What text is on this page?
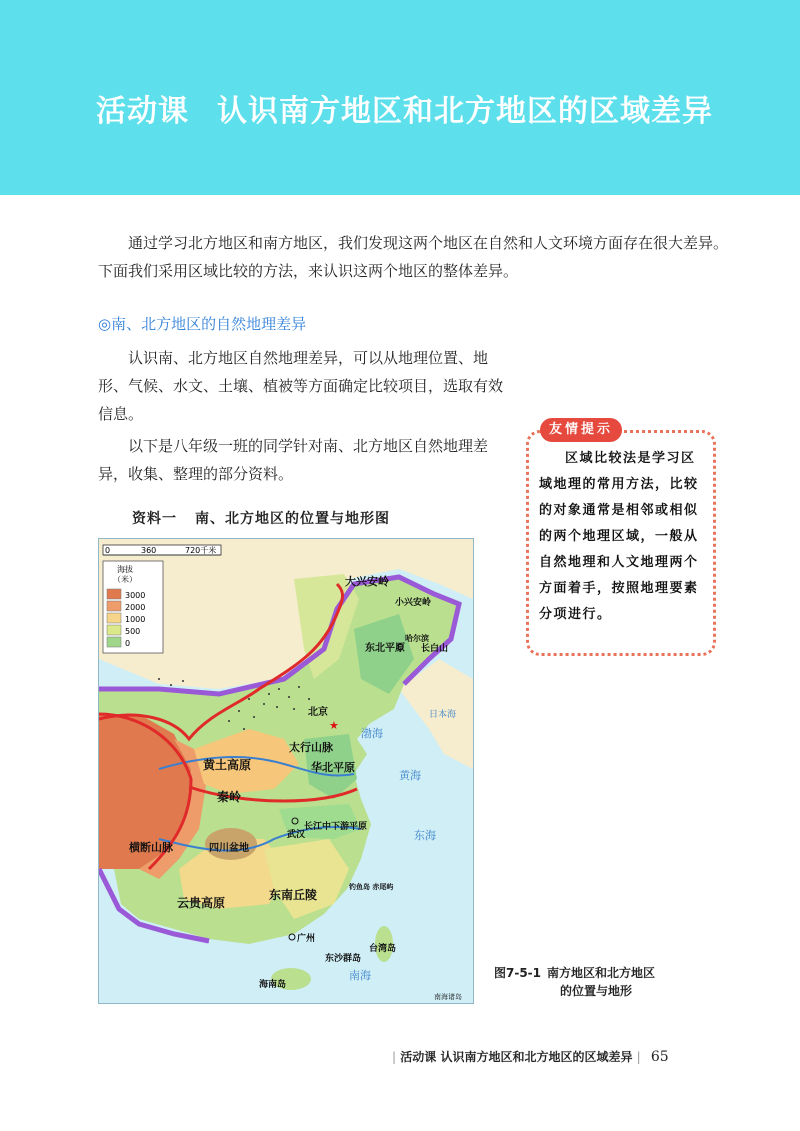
活动课 认识南方地区和北方地区的区域差异

通过学习北方地区和南方地区，我们发现这两个地区在自然和人文环境方面存在很大差异。下面我们采用区域比较的方法，来认识这两个地区的整体差异。

◎南、北方地区的自然地理差异

认识南、北方地区自然地理差异，可以从地理位置、地形、气候、水文、土壤、植被等方面确定比较项目，选取有效信息。

以下是八年级一班的同学针对南、北方地区自然地理差异，收集、整理的部分资料。

友情提示

区域比较法是学习区域地理的常用方法，比较的对象通常是相邻或相似的两个地理区域，一般从自然地理和人文地理两个方面着手，按照地理要素分项进行。

资料一 南、北方地区的位置与地形图

0	360	720千米
海拔
（米）
3000
2000
1000
500
0
大兴安岭
小兴安岭
东北平原 长白山
哈尔滨
北京
★
太行山脉
华北平原
黄土高原
秦岭
四川盆地
横断山脉
武汉
长江中下游平原
云贵高原
东南丘陵
广州
台湾岛
钓鱼岛 赤尾屿
东沙群岛
海南岛
南海诸岛
渤海
黄海
东海
南海
日本海
图7-5-1 南方地区和北方地区
的位置与地形
| 活动课 认识南方地区和北方地区的区域差异 | 65
